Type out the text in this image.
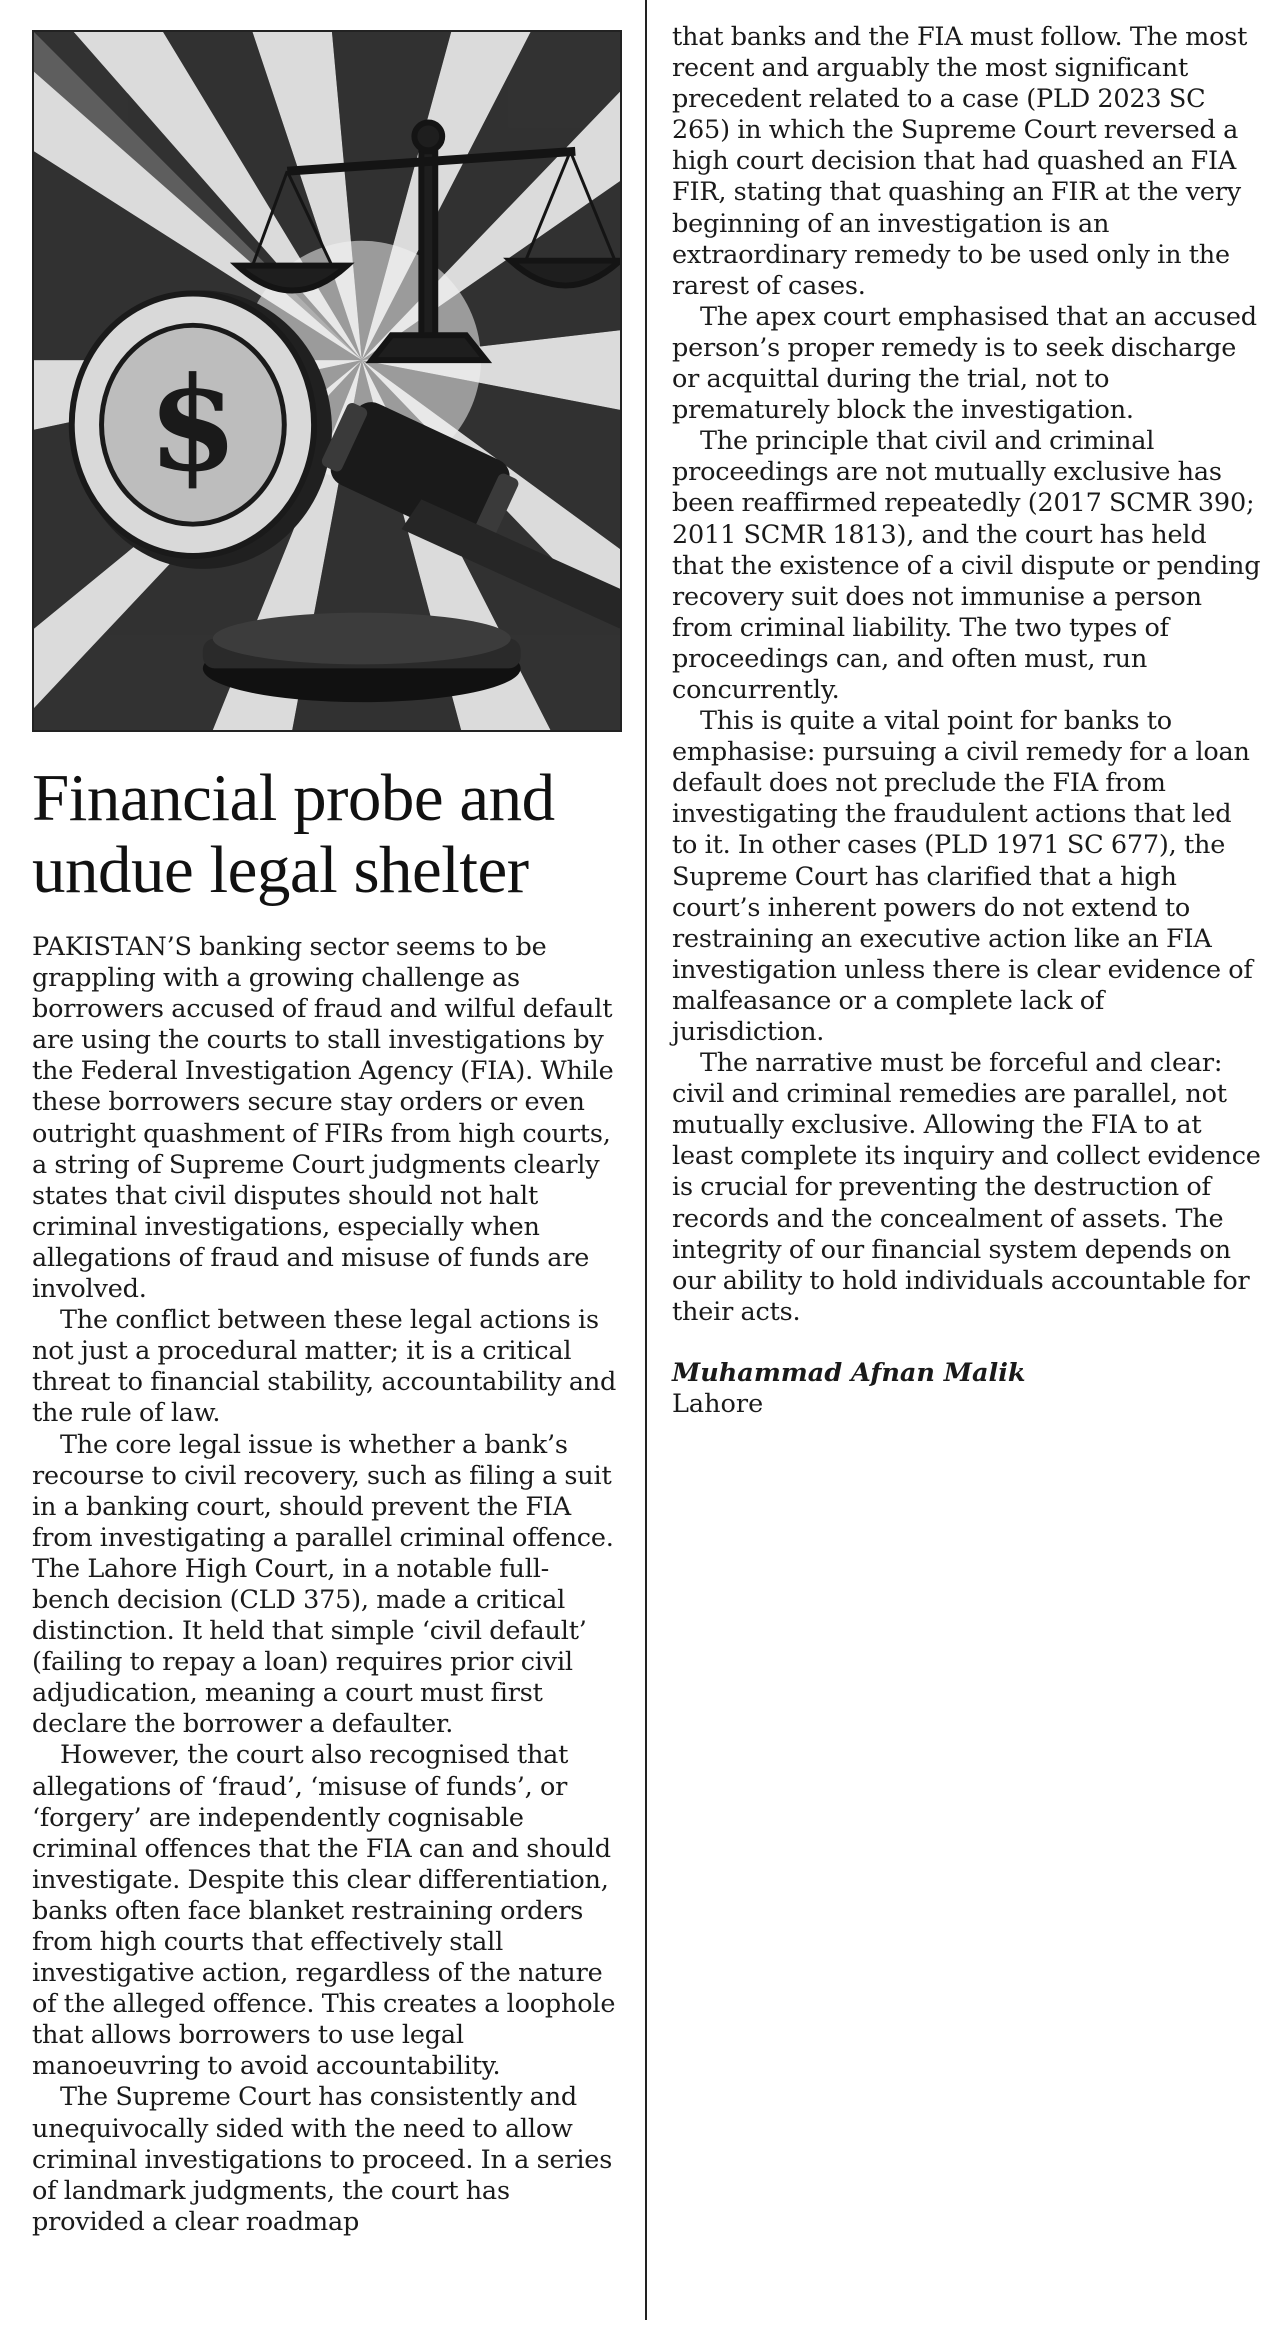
$
Financial probe and undue legal shelter

PAKISTAN’S banking sector seems to be grappling with a growing challenge as borrowers accused of fraud and wilful default are using the courts to stall investigations by the Federal Investigation Agency (FIA). While these borrowers secure stay orders or even outright quashment of FIRs from high courts, a string of Supreme Court judgments clearly states that civil disputes should not halt criminal investigations, especially when allegations of fraud and misuse of funds are involved.

The conflict between these legal actions is not just a procedural matter; it is a critical threat to financial stability, accountability and the rule of law.

The core legal issue is whether a bank’s recourse to civil recovery, such as filing a suit in a banking court, should prevent the FIA from investigating a parallel criminal offence. The Lahore High Court, in a notable full-bench decision (CLD 375), made a critical distinction. It held that simple ‘civil default’ (failing to repay a loan) requires prior civil adjudication, meaning a court must first declare the borrower a defaulter.

However, the court also recognised that allegations of ‘fraud’, ‘misuse of funds’, or ‘forgery’ are independently cognisable criminal offences that the FIA can and should investigate. Despite this clear differentiation, banks often face blanket restraining orders from high courts that effectively stall investigative action, regardless of the nature of the alleged offence. This creates a loophole that allows borrowers to use legal manoeuvring to avoid accountability.

The Supreme Court has consistently and unequivocally sided with the need to allow criminal investigations to proceed. In a series of landmark judgments, the court has provided a clear roadmap

that banks and the FIA must follow. The most recent and arguably the most significant precedent related to a case (PLD 2023 SC 265) in which the Supreme Court reversed a high court decision that had quashed an FIA FIR, stating that quashing an FIR at the very beginning of an investigation is an extraordinary remedy to be used only in the rarest of cases.

The apex court emphasised that an accused person’s proper remedy is to seek discharge or acquittal during the trial, not to prematurely block the investigation.

The principle that civil and criminal proceedings are not mutually exclusive has been reaffirmed repeatedly (2017 SCMR 390; 2011 SCMR 1813), and the court has held that the existence of a civil dispute or pending recovery suit does not immunise a person from criminal liability. The two types of proceedings can, and often must, run concurrently.

This is quite a vital point for banks to emphasise: pursuing a civil remedy for a loan default does not preclude the FIA from investigating the fraudulent actions that led to it. In other cases (PLD 1971 SC 677), the Supreme Court has clarified that a high court’s inherent powers do not extend to restraining an executive action like an FIA investigation unless there is clear evidence of malfeasance or a complete lack of jurisdiction.

The narrative must be forceful and clear: civil and criminal remedies are parallel, not mutually exclusive. Allowing the FIA to at least complete its inquiry and collect evidence is crucial for preventing the destruction of records and the concealment of assets. The integrity of our financial system depends on our ability to hold individuals accountable for their acts.

Muhammad Afnan Malik
Lahore
